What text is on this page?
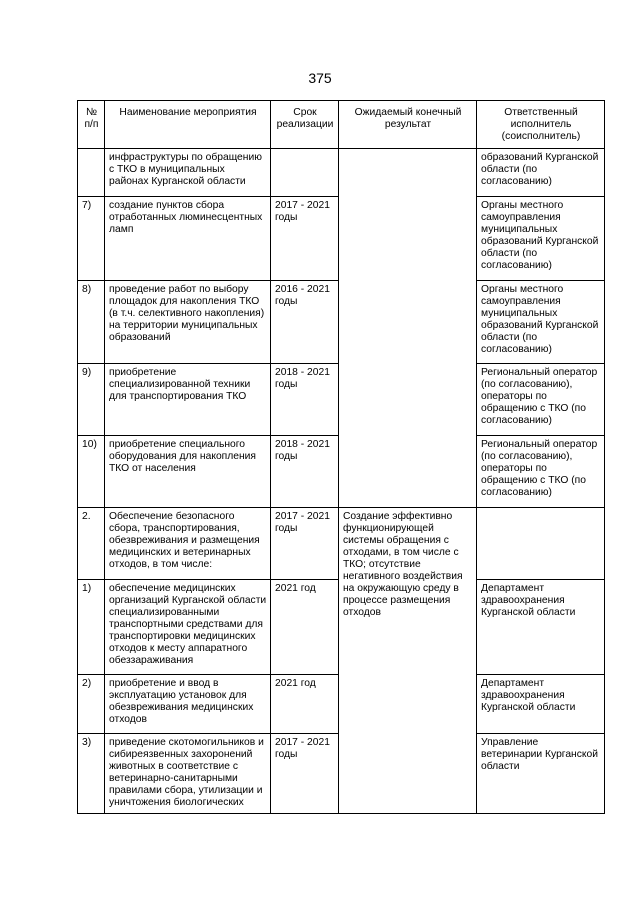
375
№ п/п	Наименование мероприятия	Срок реализации	Ожидаемый конечный результат	Ответственный исполнитель (соисполнитель)
	инфраструктуры по обращению с ТКО в муниципальных районах Курганской области			образований Курганской области (по согласованию)
7)	создание пунктов сбора отработанных люминесцентных ламп	2017 - 2021 годы		Органы местного самоуправления муниципальных образований Курганской области (по согласованию)
8)	проведение работ по выбору площадок для накопления ТКО (в т.ч. селективного накопления) на территории муниципальных образований	2016 - 2021 годы		Органы местного самоуправления муниципальных образований Курганской области (по согласованию)
9)	приобретение специализированной техники для транспортирования ТКО	2018 - 2021 годы		Региональный оператор (по согласованию), операторы по обращению с ТКО (по согласованию)
10)	приобретение специального оборудования для накопления ТКО от населения	2018 - 2021 годы		Региональный оператор (по согласованию), операторы по обращению с ТКО (по согласованию)
2.	Обеспечение безопасного сбора, транспортирования, обезвреживания и размещения медицинских и ветеринарных отходов, в том числе:	2017 - 2021 годы	Создание эффективно функционирующей системы обращения с отходами, в том числе с ТКО; отсутствие негативного воздействия на окружающую среду в процессе размещения отходов	
1)	обеспечение медицинских организаций Курганской области специализированными транспортными средствами для транспортировки медицинских отходов к месту аппаратного обеззараживания	2021 год		Департамент здравоохранения Курганской области
2)	приобретение и ввод в эксплуатацию установок для обезвреживания медицинских отходов	2021 год		Департамент здравоохранения Курганской области
3)	приведение скотомогильников и сибиреязвенных захоронений животных в соответствие с ветеринарно-санитарными правилами сбора, утилизации и уничтожения биологических	2017 - 2021 годы		Управление ветеринарии Курганской области
